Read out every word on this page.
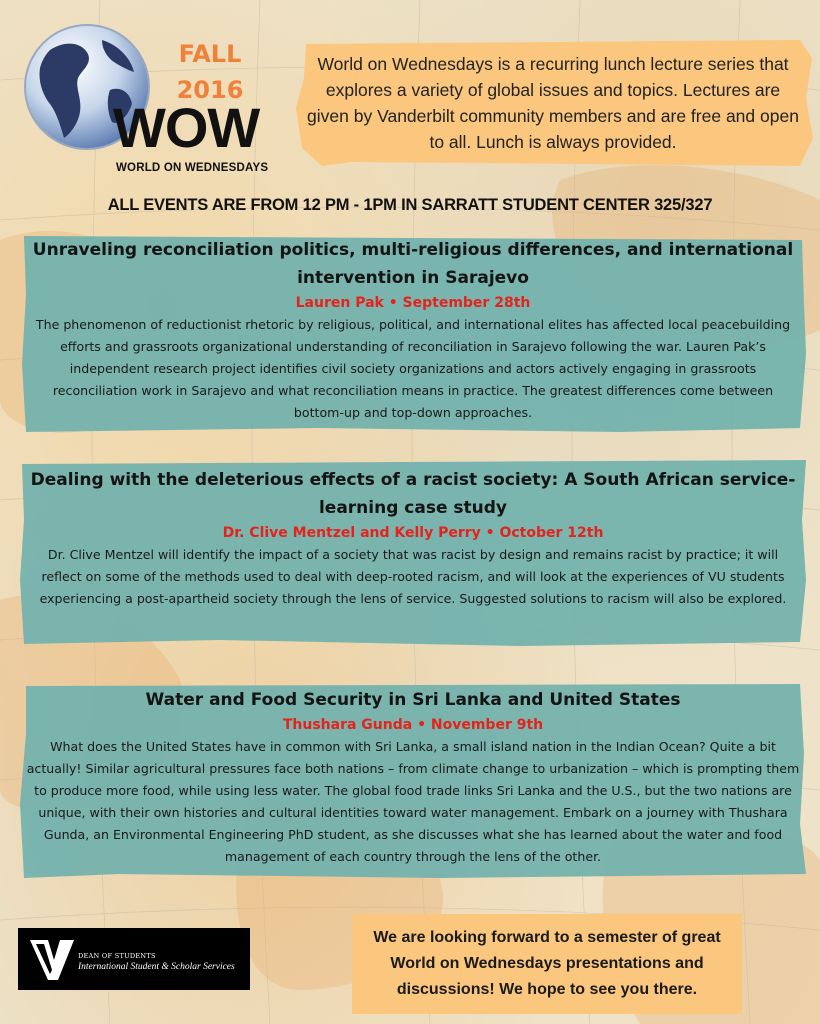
FALL
2016
WOW
WORLD ON WEDNESDAYS

World on Wednesdays is a recurring lunch lecture series that explores a variety of global issues and topics. Lectures are given by Vanderbilt community members and are free and open to all. Lunch is always provided.

ALL EVENTS ARE FROM 12 PM - 1PM IN SARRATT STUDENT CENTER 325/327
Unraveling reconciliation politics, multi-religious differences, and international intervention in Sarajevo

Lauren Pak • September 28th

The phenomenon of reductionist rhetoric by religious, political, and international elites has affected local peacebuilding efforts and grassroots organizational understanding of reconciliation in Sarajevo following the war. Lauren Pak’s independent research project identifies civil society organizations and actors actively engaging in grassroots reconciliation work in Sarajevo and what reconciliation means in practice. The greatest differences come between bottom-up and top-down approaches.

Dealing with the deleterious effects of a racist society: A South African service-learning case study

Dr. Clive Mentzel and Kelly Perry • October 12th

Dr. Clive Mentzel will identify the impact of a society that was racist by design and remains racist by practice; it will reflect on some of the methods used to deal with deep-rooted racism, and will look at the experiences of VU students experiencing a post-apartheid society through the lens of service. Suggested solutions to racism will also be explored.

Water and Food Security in Sri Lanka and United States

Thushara Gunda • November 9th

What does the United States have in common with Sri Lanka, a small island nation in the Indian Ocean? Quite a bit actually! Similar agricultural pressures face both nations – from climate change to urbanization – which is prompting them to produce more food, while using less water. The global food trade links Sri Lanka and the U.S., but the two nations are unique, with their own histories and cultural identities toward water management. Embark on a journey with Thushara Gunda, an Environmental Engineering PhD student, as she discusses what she has learned about the water and food management of each country through the lens of the other.

DEAN OF STUDENTS
International Student & Scholar Services

We are looking forward to a semester of great World on Wednesdays presentations and discussions! We hope to see you there.
